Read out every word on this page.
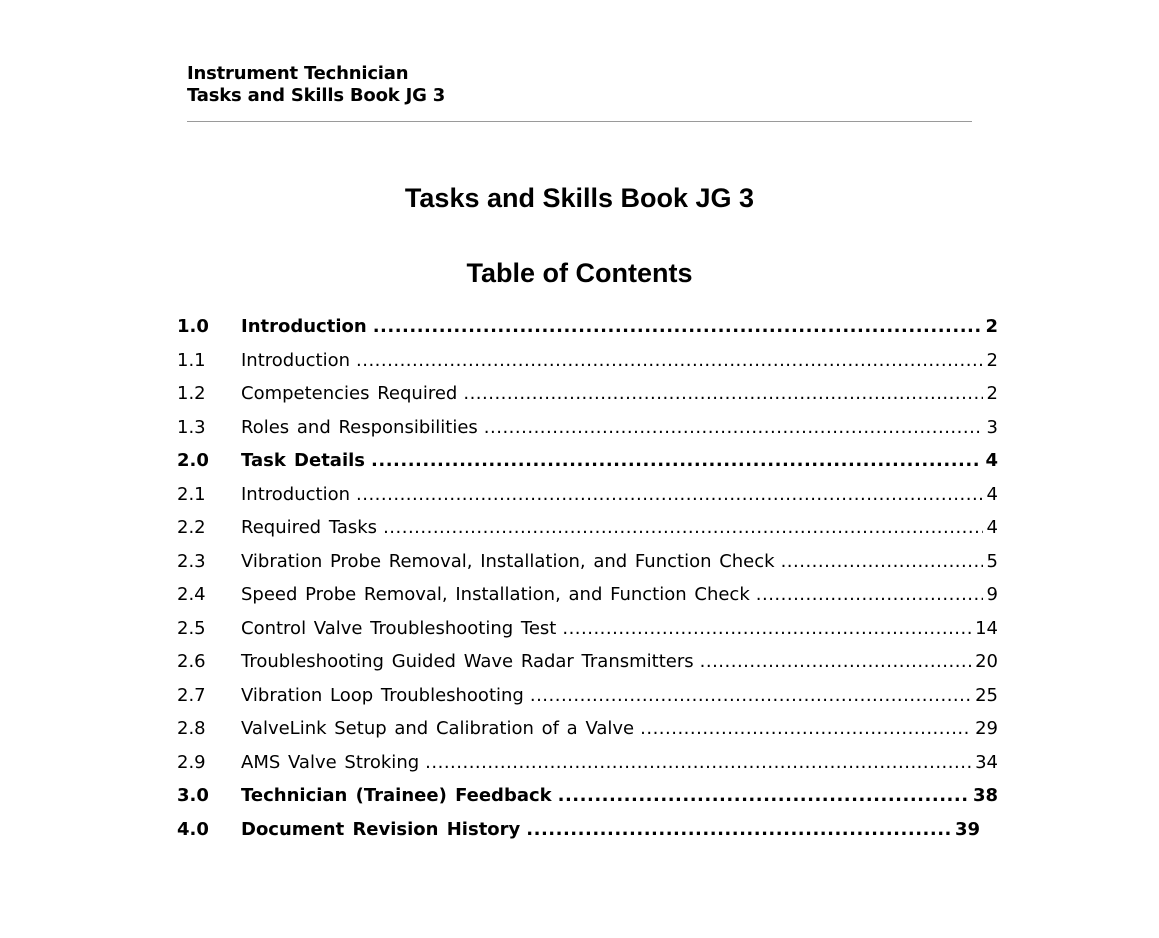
Instrument Technician
Tasks and Skills Book JG 3
Tasks and Skills Book JG 3
Table of Contents
1.0	Introduction .....	2
1.1	Introduction .....	2
1.2	Competencies Required .....	2
1.3	Roles and Responsibilities .....	3
2.0	Task Details .....	4
2.1	Introduction .....	4
2.2	Required Tasks .....	4
2.3	Vibration Probe Removal, Installation, and Function Check .....	5
2.4	Speed Probe Removal, Installation, and Function Check .....	9
2.5	Control Valve Troubleshooting Test .....	14
2.6	Troubleshooting Guided Wave Radar Transmitters .....	20
2.7	Vibration Loop Troubleshooting .....	25
2.8	ValveLink Setup and Calibration of a Valve .....	29
2.9	AMS Valve Stroking .....	34
3.0	Technician (Trainee) Feedback .....	38
4.0	Document Revision History .....	39
